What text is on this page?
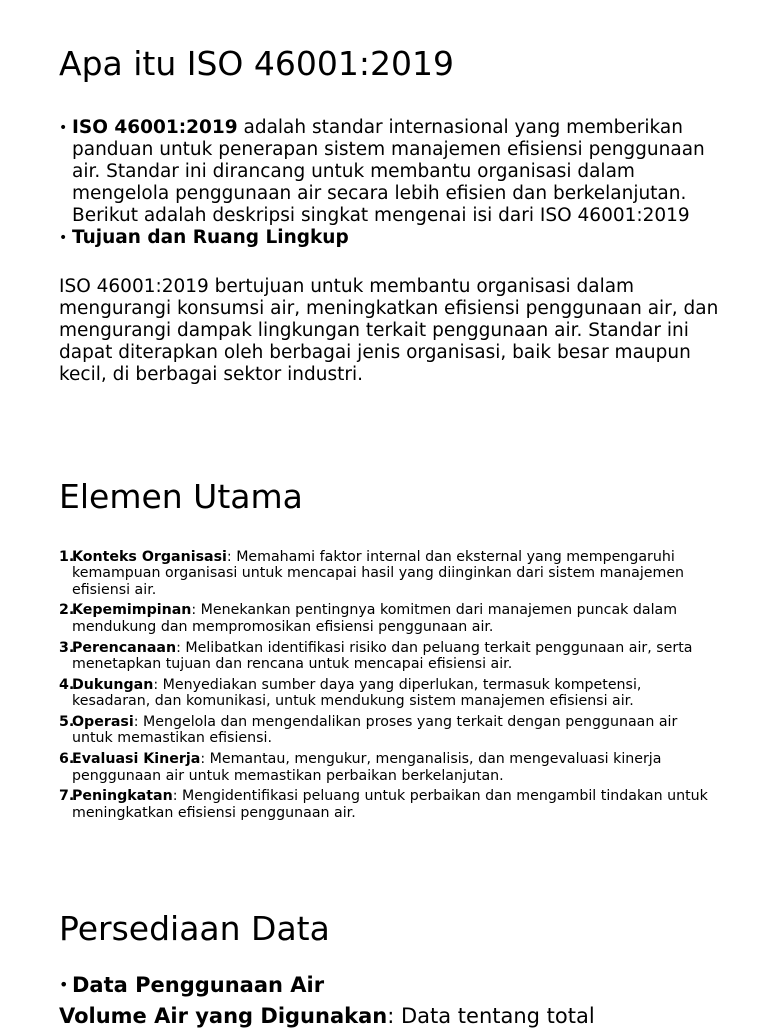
Apa itu ISO 46001:2019
• ISO 46001:2019 adalah standar internasional yang memberikan panduan untuk penerapan sistem manajemen efisiensi penggunaan air. Standar ini dirancang untuk membantu organisasi dalam mengelola penggunaan air secara lebih efisien dan berkelanjutan. Berikut adalah deskripsi singkat mengenai isi dari ISO 46001:2019
• Tujuan dan Ruang Lingkup

ISO 46001:2019 bertujuan untuk membantu organisasi dalam mengurangi konsumsi air, meningkatkan efisiensi penggunaan air, dan mengurangi dampak lingkungan terkait penggunaan air. Standar ini dapat diterapkan oleh berbagai jenis organisasi, baik besar maupun kecil, di berbagai sektor industri.

Elemen Utama
1.
Konteks Organisasi: Memahami faktor internal dan eksternal yang mempengaruhi kemampuan organisasi untuk mencapai hasil yang diinginkan dari sistem manajemen efisiensi air.
2.
Kepemimpinan: Menekankan pentingnya komitmen dari manajemen puncak dalam mendukung dan mempromosikan efisiensi penggunaan air.
3.
Perencanaan: Melibatkan identifikasi risiko dan peluang terkait penggunaan air, serta menetapkan tujuan dan rencana untuk mencapai efisiensi air.
4.
Dukungan: Menyediakan sumber daya yang diperlukan, termasuk kompetensi, kesadaran, dan komunikasi, untuk mendukung sistem manajemen efisiensi air.
5.
Operasi: Mengelola dan mengendalikan proses yang terkait dengan penggunaan air untuk memastikan efisiensi.
6.
Evaluasi Kinerja: Memantau, mengukur, menganalisis, dan mengevaluasi kinerja penggunaan air untuk memastikan perbaikan berkelanjutan.
7.
Peningkatan: Mengidentifikasi peluang untuk perbaikan dan mengambil tindakan untuk meningkatkan efisiensi penggunaan air.
Persediaan Data
• Data Penggunaan Air

Volume Air yang Digunakan: Data tentang total
